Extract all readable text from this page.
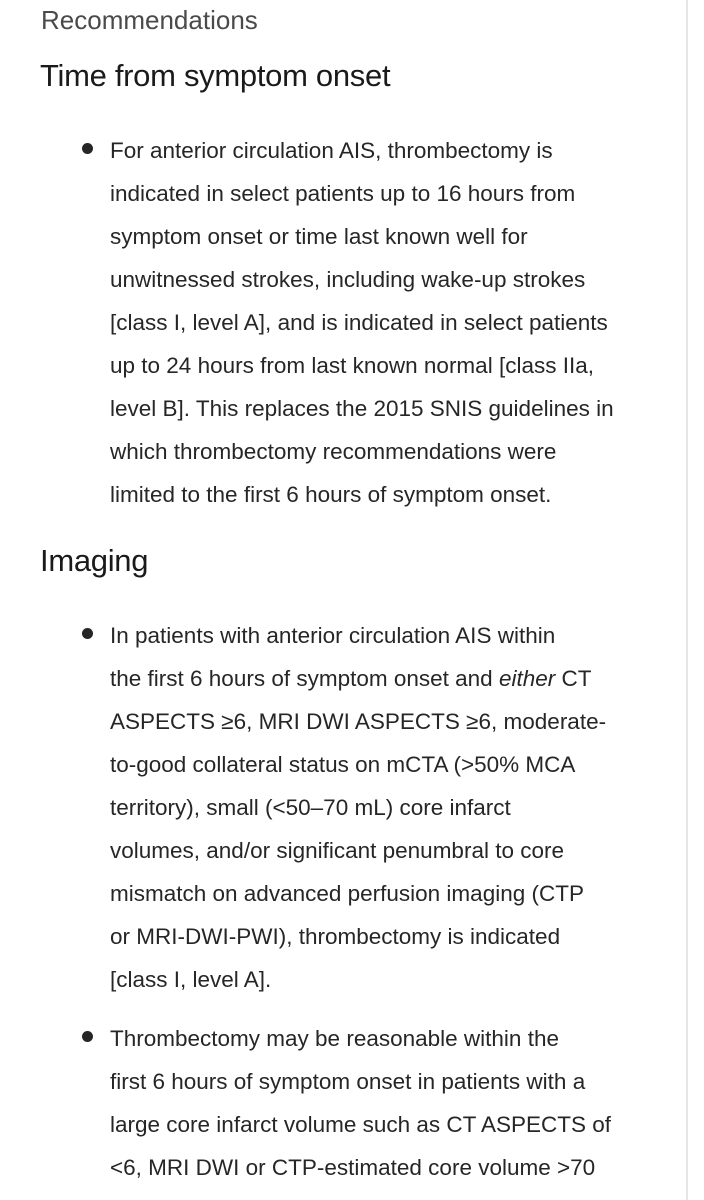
Recommendations
Time from symptom onset
For anterior circulation AIS, thrombectomy is
indicated in select patients up to 16 hours from
symptom onset or time last known well for
unwitnessed strokes, including wake-up strokes
[class I, level A], and is indicated in select patients
up to 24 hours from last known normal [class IIa,
level B]. This replaces the 2015 SNIS guidelines in
which thrombectomy recommendations were
limited to the first 6 hours of symptom onset.
Imaging
In patients with anterior circulation AIS within
the first 6 hours of symptom onset and either CT
ASPECTS ≥6, MRI DWI ASPECTS ≥6, moderate-
to-good collateral status on mCTA (>50% MCA
territory), small (<50–70 mL) core infarct
volumes, and/or significant penumbral to core
mismatch on advanced perfusion imaging (CTP
or MRI-DWI-PWI), thrombectomy is indicated
[class I, level A].
Thrombectomy may be reasonable within the
first 6 hours of symptom onset in patients with a
large core infarct volume such as CT ASPECTS of
<6, MRI DWI or CTP-estimated core volume >70
